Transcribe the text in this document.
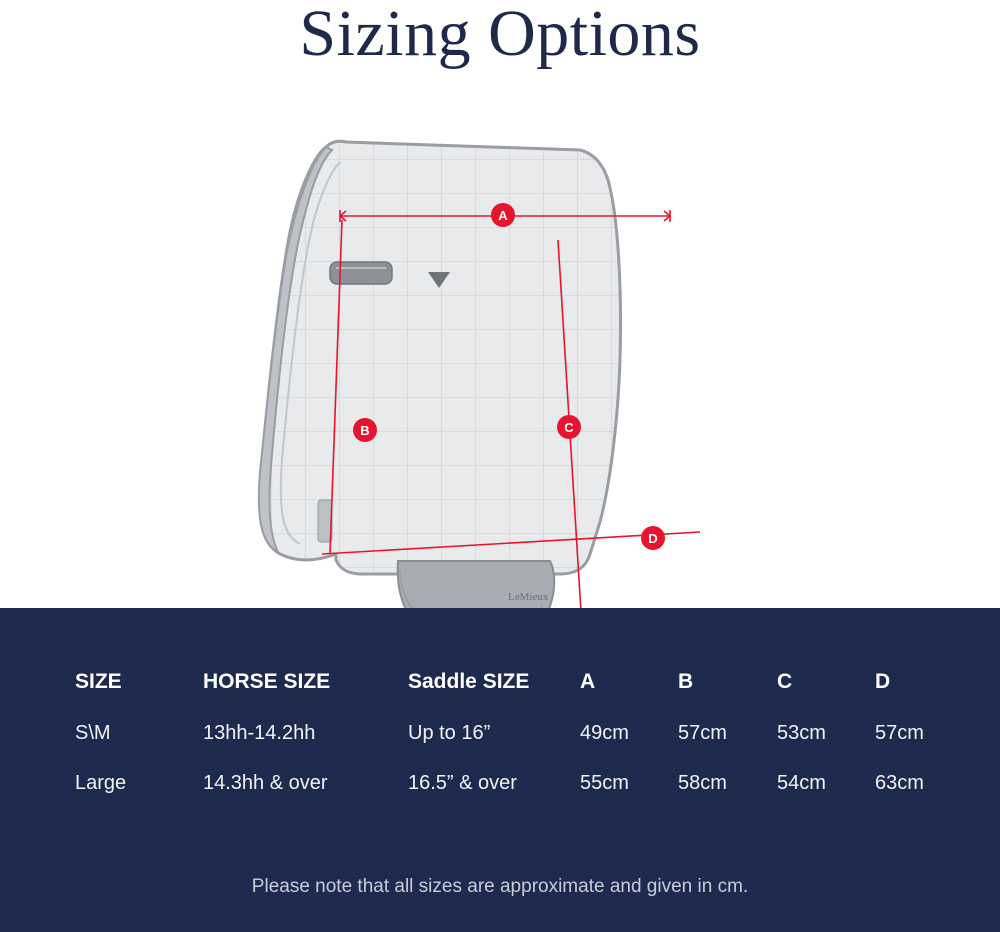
Sizing Options
LeMieux
A
B	C
D
SIZE	HORSE SIZE	Saddle SIZE	A	B	C	D
S\M	13hh-14.2hh	Up to 16”	49cm	57cm	53cm	57cm
Large	14.3hh & over	16.5” & over	55cm	58cm	54cm	63cm
Please note that all sizes are approximate and given in cm.
